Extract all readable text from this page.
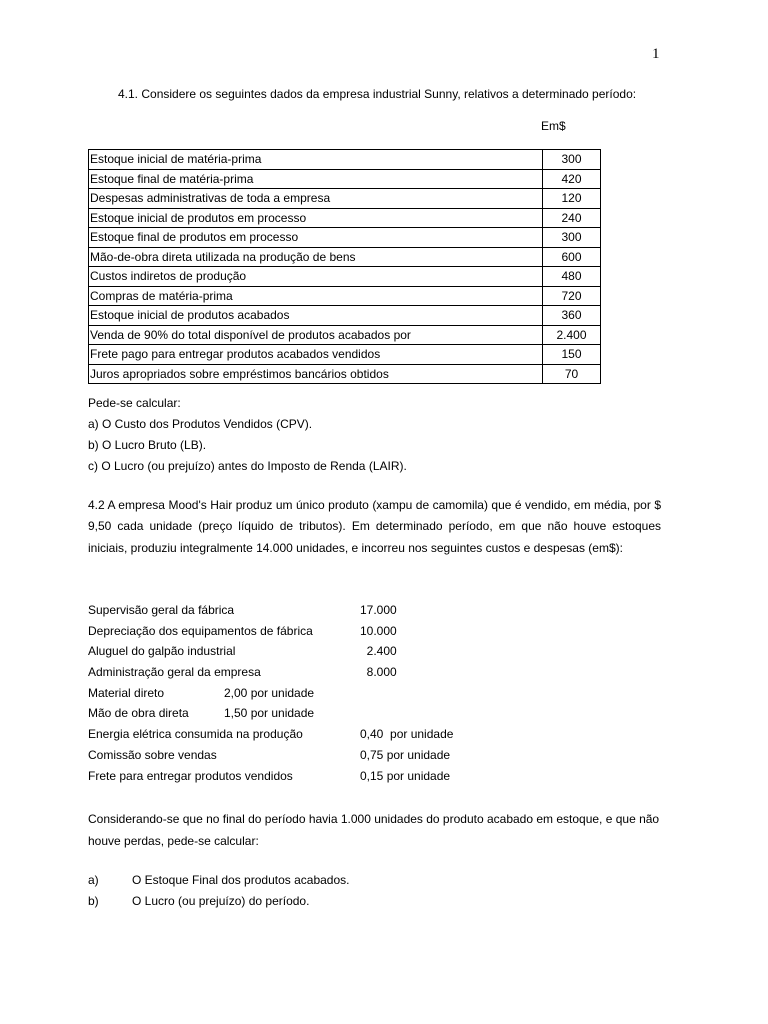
1
4.1. Considere os seguintes dados da empresa industrial Sunny, relativos a determinado período:
Em$
Estoque inicial de matéria-prima	300
Estoque final de matéria-prima	420
Despesas administrativas de toda a empresa	120
Estoque inicial de produtos em processo	240
Estoque final de produtos em processo	300
Mão-de-obra direta utilizada na produção de bens	600
Custos indiretos de produção	480
Compras de matéria-prima	720
Estoque inicial de produtos acabados	360
Venda de 90% do total disponível de produtos acabados por	2.400
Frete pago para entregar produtos acabados vendidos	150
Juros apropriados sobre empréstimos bancários obtidos	70
Pede-se calcular:
a) O Custo dos Produtos Vendidos (CPV).
b) O Lucro Bruto (LB).
c) O Lucro (ou prejuízo) antes do Imposto de Renda (LAIR).
4.2 A empresa Mood's Hair produz um único produto (xampu de camomila) que é vendido, em média, por $ 9,50 cada unidade (preço líquido de tributos). Em determinado período, em que não houve estoques iniciais, produziu integralmente 14.000 unidades, e incorreu nos seguintes custos e despesas (em$):
Supervisão geral da fábrica	17.000
Depreciação dos equipamentos de fábrica	10.000
Aluguel do galpão industrial	2.400
Administração geral da empresa	8.000
Material direto	2,00 por unidade
Mão de obra direta	1,50 por unidade
Energia elétrica consumida na produção	0,40  por unidade
Comissão sobre vendas	0,75 por unidade
Frete para entregar produtos vendidos	0,15 por unidade
Considerando-se que no final do período havia 1.000 unidades do produto acabado em estoque, e que não houve perdas, pede-se calcular:
a)	O Estoque Final dos produtos acabados.
b)	O Lucro (ou prejuízo) do período.
